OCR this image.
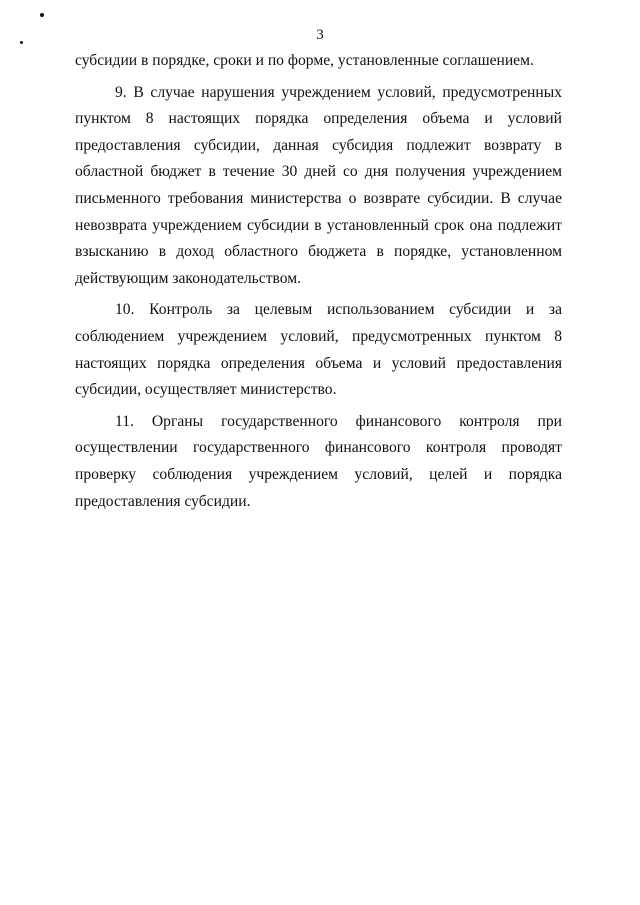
3

субсидии в порядке, сроки и по форме, установленные соглашением.

9. В случае нарушения учреждением условий, предусмотренных пунктом 8 настоящих порядка определения объема и условий предоставления субсидии, данная субсидия подлежит возврату в областной бюджет в течение 30 дней со дня получения учреждением письменного требования министерства о возврате субсидии. В случае невозврата учреждением субсидии в установленный срок она подлежит взысканию в доход областного бюджета в порядке, установленном действующим законодательством.

10. Контроль за целевым использованием субсидии и за соблюдением учреждением условий, предусмотренных пунктом 8 настоящих порядка определения объема и условий предоставления субсидии, осуществляет министерство.

11. Органы государственного финансового контроля при осуществлении государственного финансового контроля проводят проверку соблюдения учреждением условий, целей и порядка предоставления субсидии.
